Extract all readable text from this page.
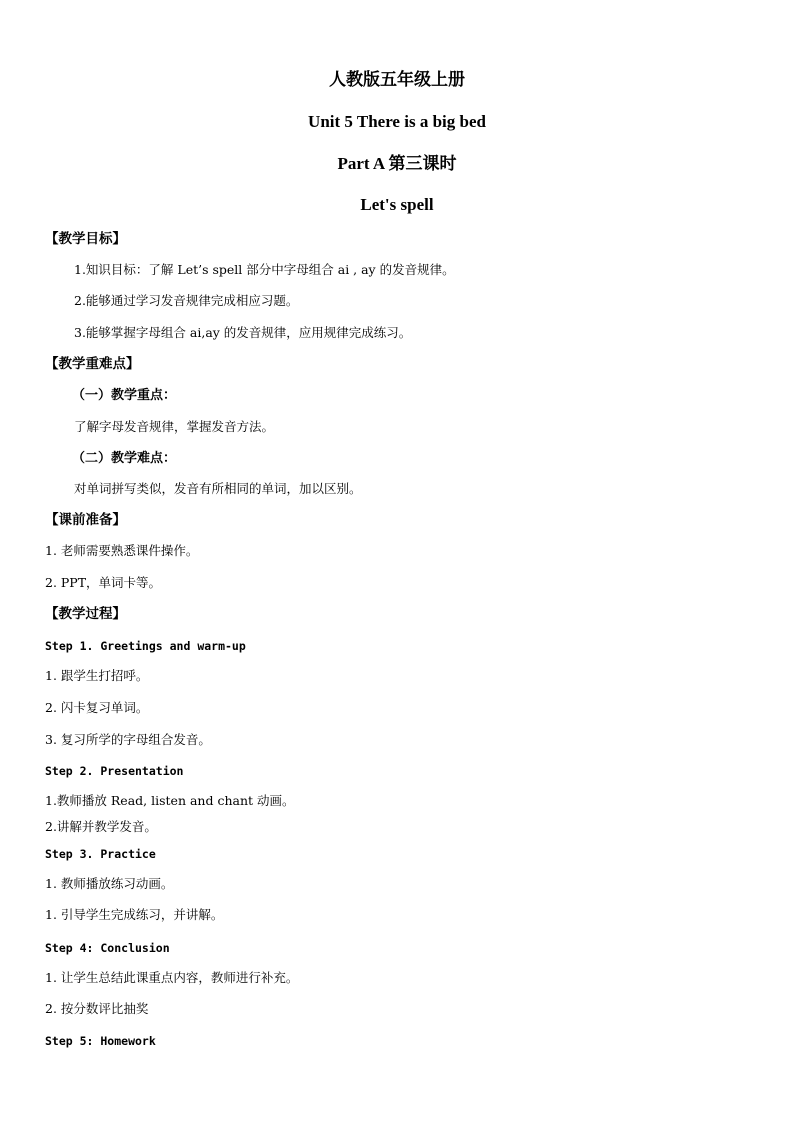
人教版五年级上册
Unit 5 There is a big bed
Part A 第三课时
Let's spell
【教学目标】
1.知识目标：了解 Let’s spell 部分中字母组合 ai , ay 的发音规律。
2.能够通过学习发音规律完成相应习题。
3.能够掌握字母组合 ai,ay 的发音规律，应用规律完成练习。
【教学重难点】
（一）教学重点：
了解字母发音规律，掌握发音方法。
（二）教学难点：
对单词拼写类似，发音有所相同的单词，加以区别。
【课前准备】
1. 老师需要熟悉课件操作。
2. PPT，单词卡等。
【教学过程】
Step 1. Greetings and warm-up
1. 跟学生打招呼。
2. 闪卡复习单词。
3. 复习所学的字母组合发音。
Step 2. Presentation
1.教师播放 Read, listen and chant 动画。
2.讲解并教学发音。
Step 3. Practice
1. 教师播放练习动画。
1. 引导学生完成练习，并讲解。
Step 4: Conclusion
1. 让学生总结此课重点内容，教师进行补充。
2. 按分数评比抽奖
Step 5: Homework
